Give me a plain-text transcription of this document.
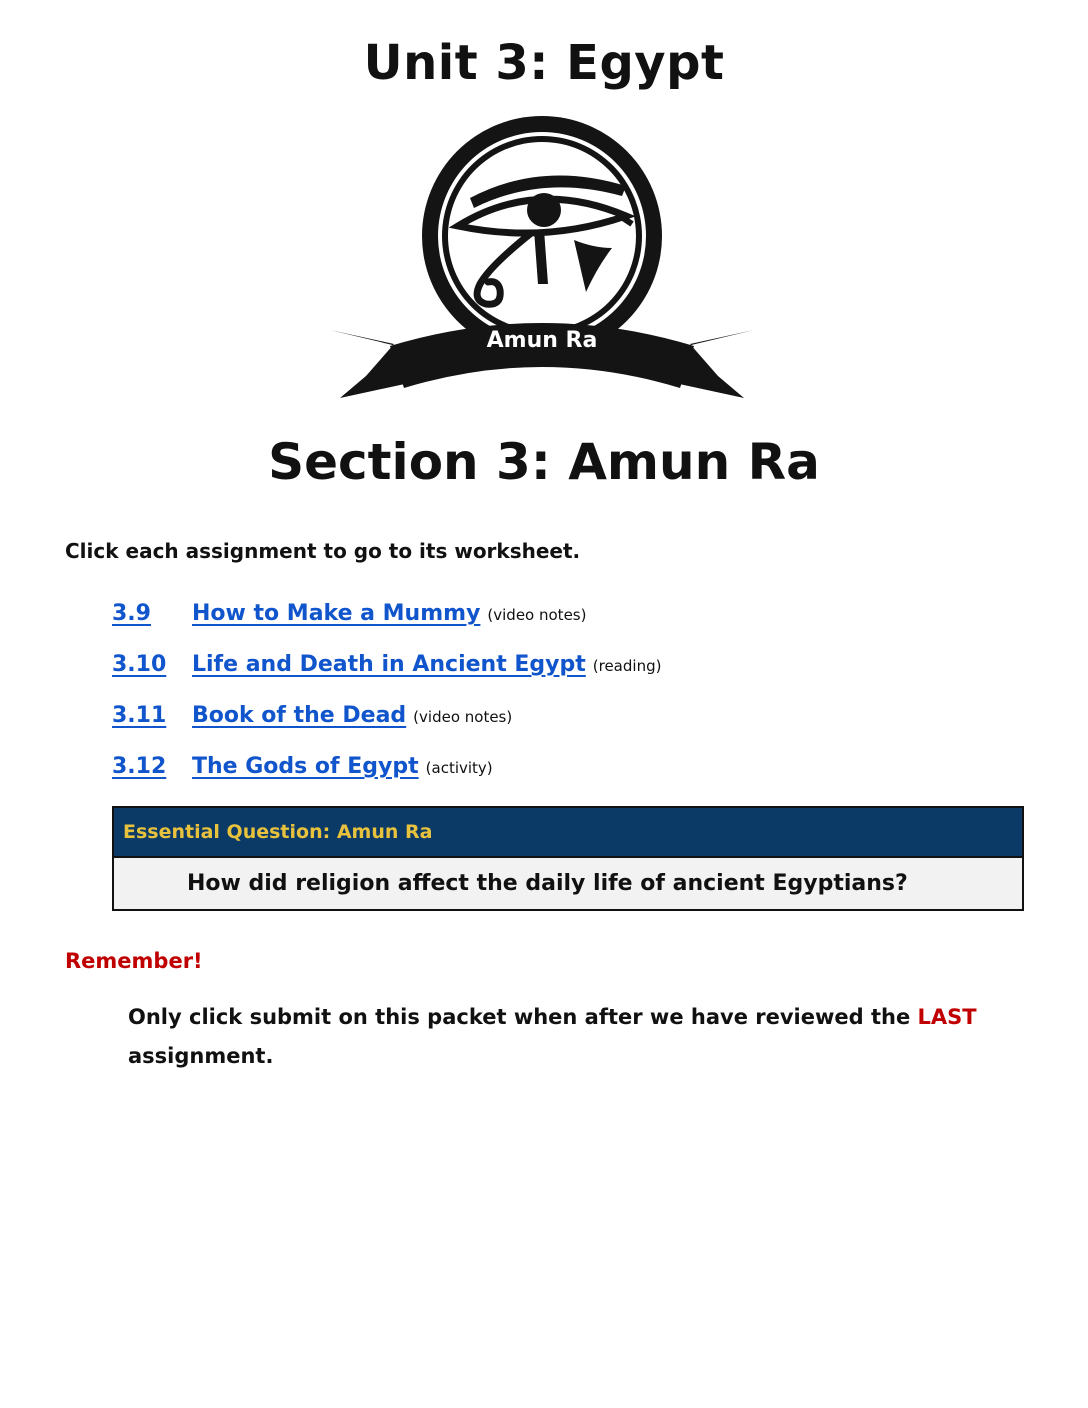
Unit 3: Egypt
Amun Ra
Section 3: Amun Ra
Click each assignment to go to its worksheet.
3.9	How to Make a Mummy (video notes)
3.10	Life and Death in Ancient Egypt (reading)
3.11	Book of the Dead (video notes)
3.12	The Gods of Egypt (activity)
Essential Question: Amun Ra
How did religion affect the daily life of ancient Egyptians?
Remember!
Only click submit on this packet when after we have reviewed the LAST assignment.
